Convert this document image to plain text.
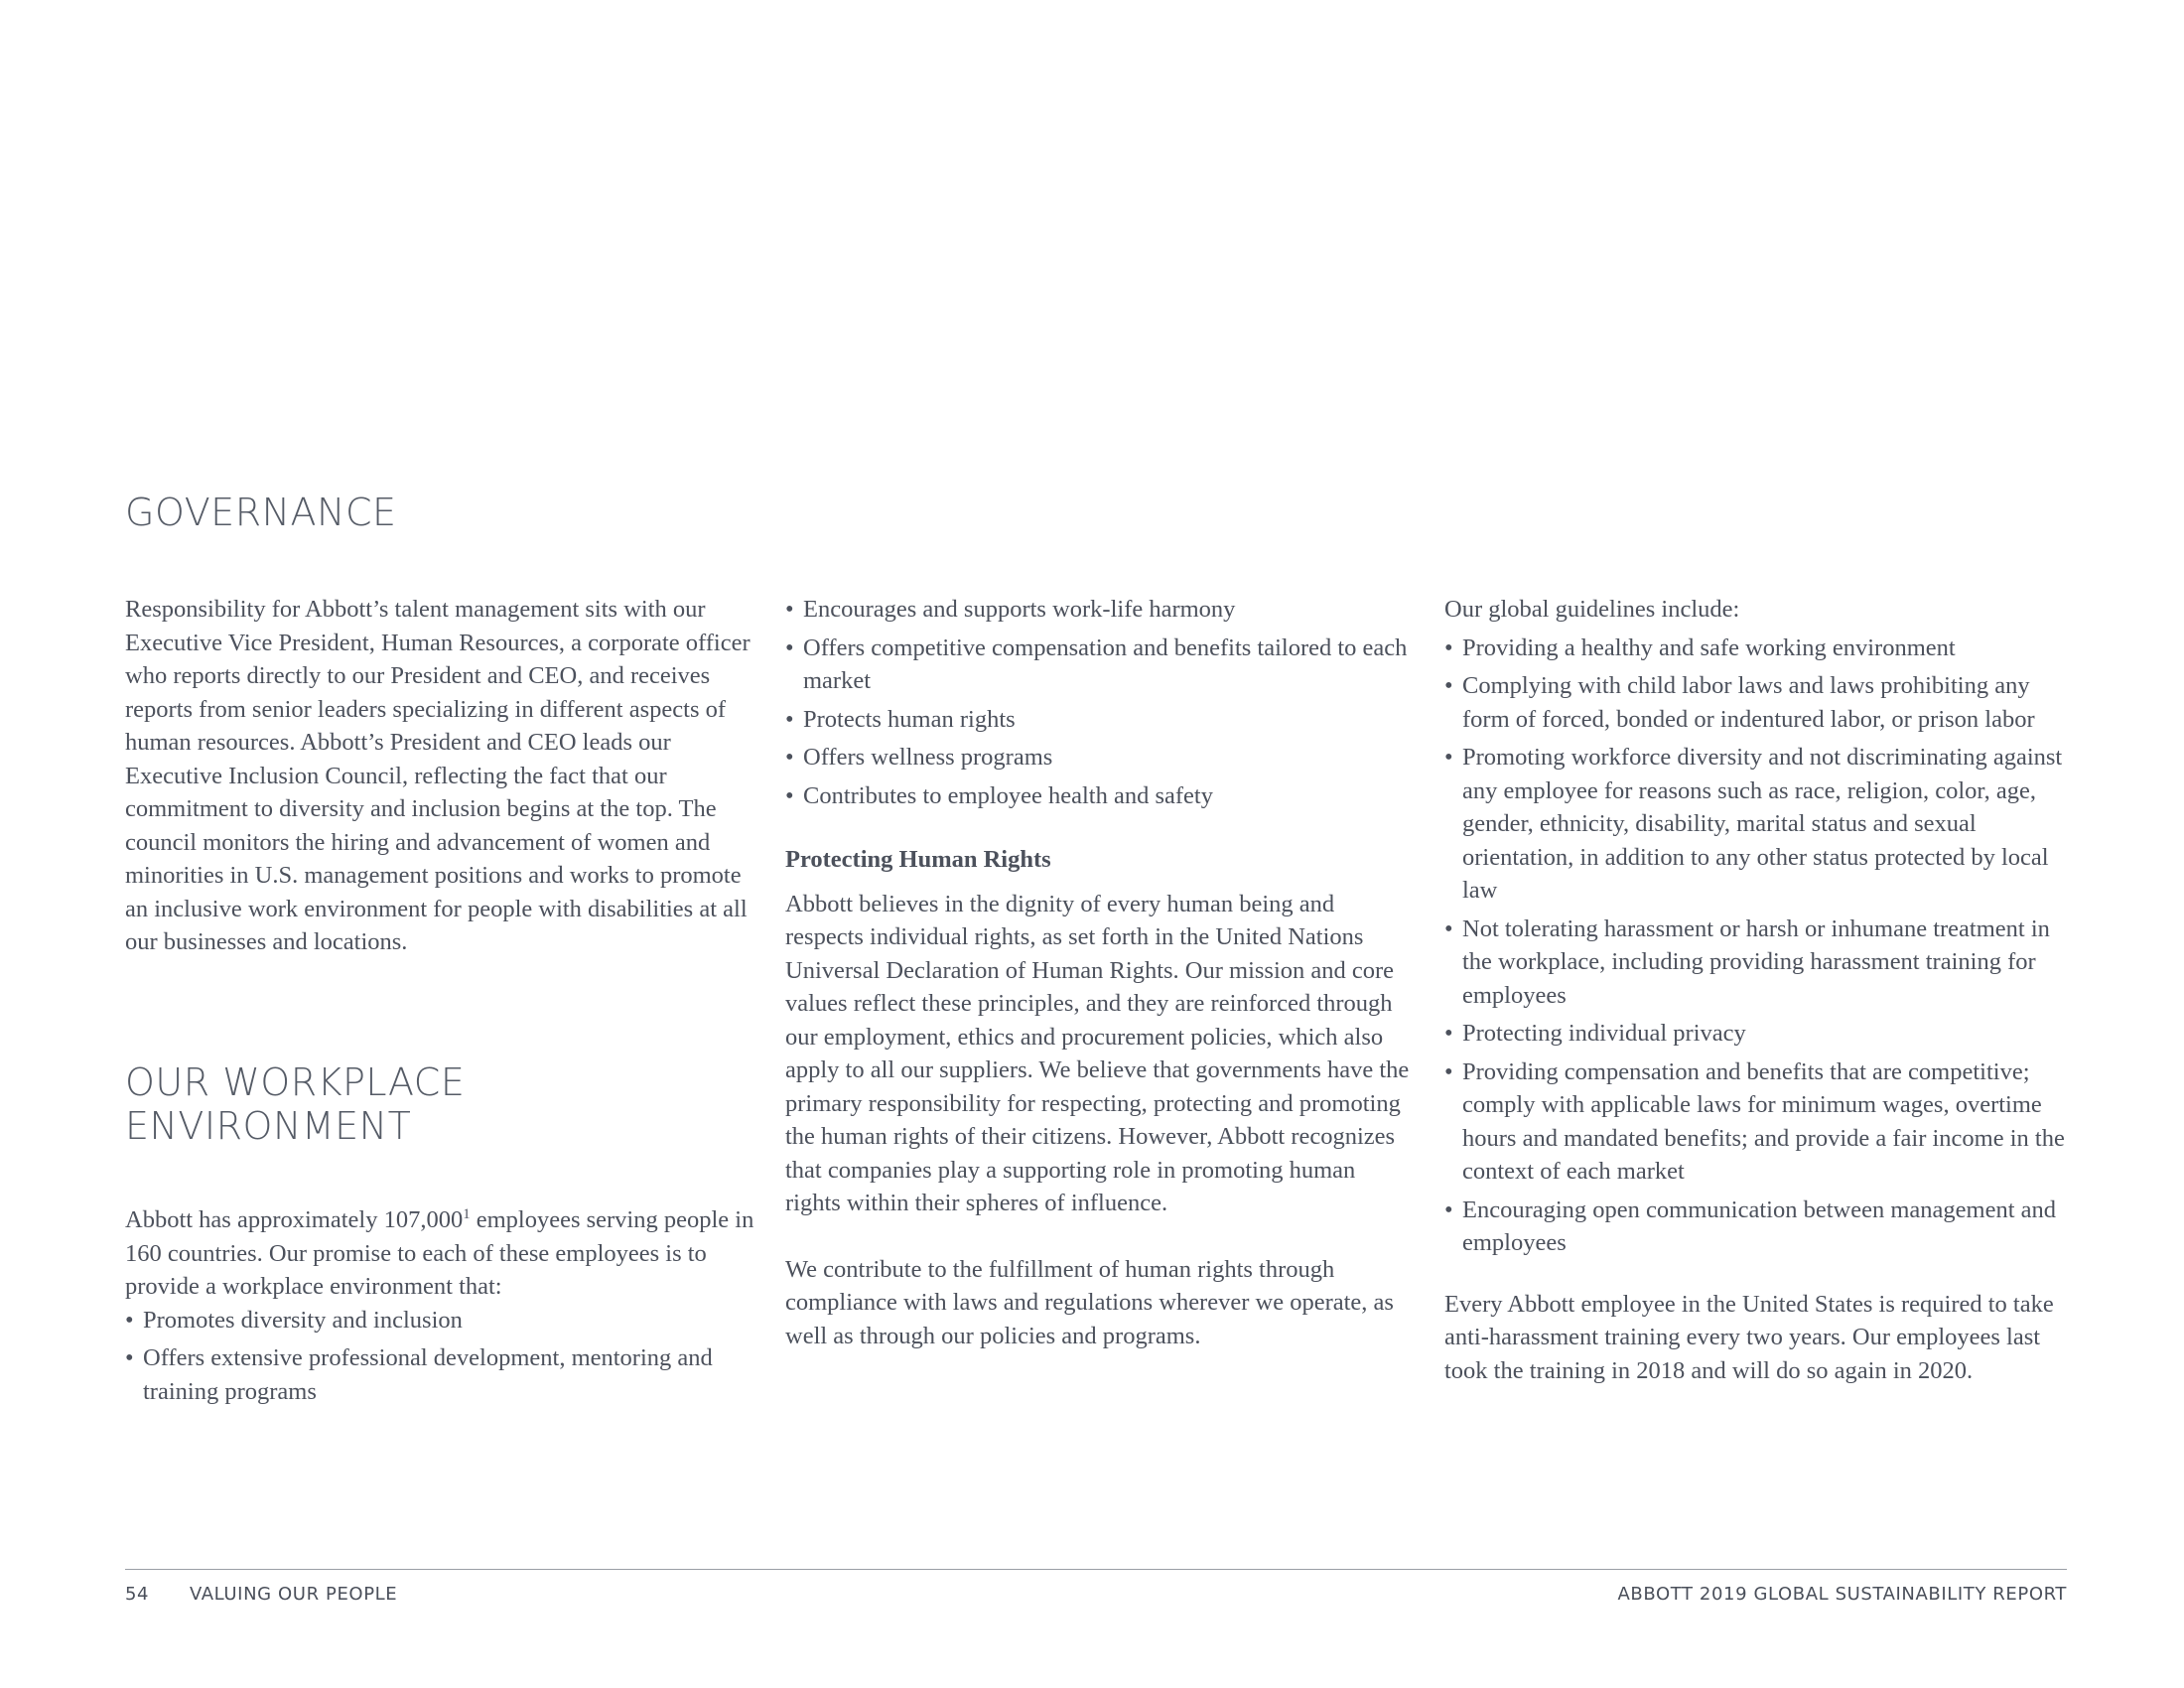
GOVERNANCE
OUR WORKPLACE
ENVIRONMENT

Responsibility for Abbott’s talent management sits with our Executive Vice President, Human Resources, a corporate officer who reports directly to our President and CEO, and receives reports from senior leaders specializing in different aspects of human resources. Abbott’s President and CEO leads our Executive Inclusion Council, reflecting the fact that our commitment to diversity and inclusion begins at the top. The council monitors the hiring and advancement of women and minorities in U.S. management positions and works to promote an inclusive work environment for people with disabilities at all our businesses and locations.

Abbott has approximately 107,000$^1$ employees serving people in 160 countries. Our promise to each of these employees is to provide a workplace environment that:

• Promotes diversity and inclusion
• Offers extensive professional development, mentoring and training programs
• Encourages and supports work-life harmony
• Offers competitive compensation and benefits tailored to each market
• Protects human rights
• Offers wellness programs
• Contributes to employee health and safety

Protecting Human Rights

Abbott believes in the dignity of every human being and respects individual rights, as set forth in the United Nations Universal Declaration of Human Rights. Our mission and core values reflect these principles, and they are reinforced through our employment, ethics and procurement policies, which also apply to all our suppliers. We believe that governments have the primary responsibility for respecting, protecting and promoting the human rights of their citizens. However, Abbott recognizes that companies play a supporting role in promoting human rights within their spheres of influence.

We contribute to the fulfillment of human rights through compliance with laws and regulations wherever we operate, as well as through our policies and programs.

Our global guidelines include:

• Providing a healthy and safe working environment
• Complying with child labor laws and laws prohibiting any form of forced, bonded or indentured labor, or prison labor
• Promoting workforce diversity and not discriminating against any employee for reasons such as race, religion, color, age, gender, ethnicity, disability, marital status and sexual orientation, in addition to any other status protected by local law
• Not tolerating harassment or harsh or inhumane treatment in the workplace, including providing harassment training for employees
• Protecting individual privacy
• Providing compensation and benefits that are competitive; comply with applicable laws for minimum wages, overtime hours and mandated benefits; and provide a fair income in the context of each market
• Encouraging open communication between management and employees

Every Abbott employee in the United States is required to take anti-harassment training every two years. Our employees last took the training in 2018 and will do so again in 2020.

54 VALUING OUR PEOPLE	ABBOTT 2019 GLOBAL SUSTAINABILITY REPORT
